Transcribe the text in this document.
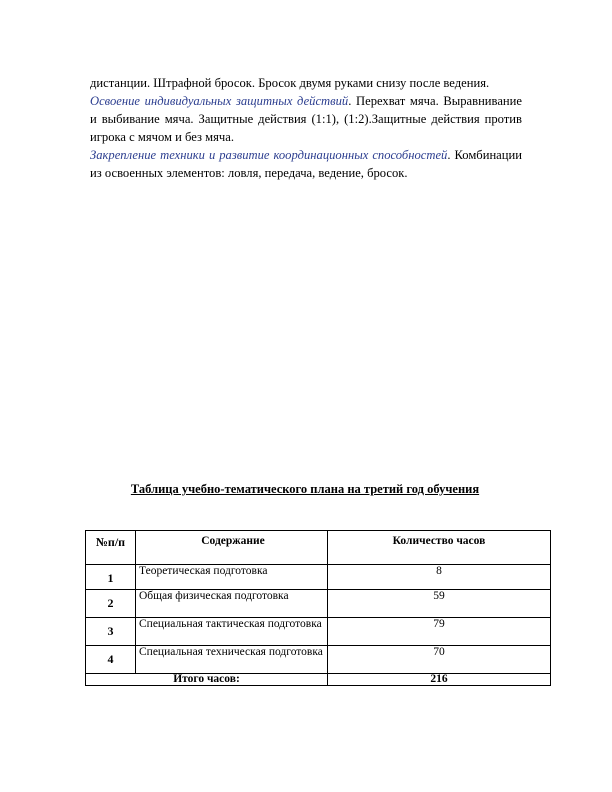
дистанции. Штрафной бросок. Бросок двумя руками снизу после ведения.

Освоение индивидуальных защитных действий. Перехват мяча. Выравнивание и выбивание мяча. Защитные действия (1:1), (1:2).Защитные действия против игрока с мячом и без мяча.

Закрепление техники и развитие координационных способностей. Комбинации из освоенных элементов: ловля, передача, ведение, бросок.

Таблица учебно-тематического плана на третий год обучения
№п/п	Содержание	Количество часов

1	Теоретическая подготовка	8

2	Общая физическая подготовка	59

3	Специальная тактическая подготовка	79

4	Специальная техническая подготовка	70

Итого часов:		216
